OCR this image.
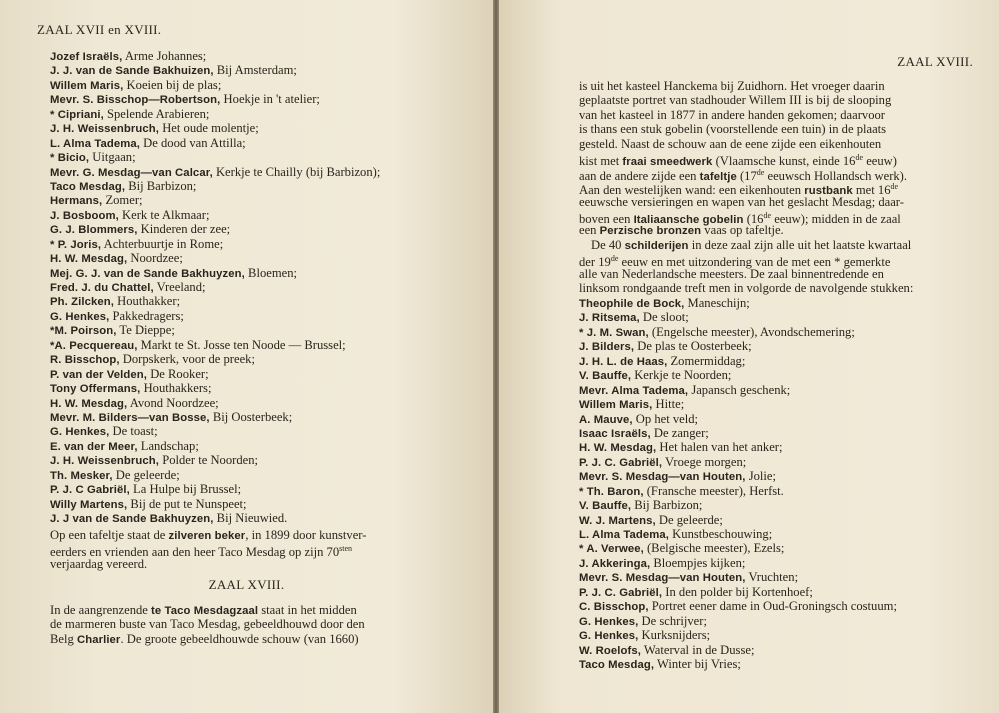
ZAAL XVII en XVIII.
Jozef Israëls, Arme Johannes;
J. J. van de Sande Bakhuizen, Bij Amsterdam;
Willem Maris, Koeien bij de plas;
Mevr. S. Bisschop—Robertson, Hoekje in 't atelier;
* Cipriani, Spelende Arabieren;
J. H. Weissenbruch, Het oude molentje;
L. Alma Tadema, De dood van Attilla;
* Bicio, Uitgaan;
Mevr. G. Mesdag—van Calcar, Kerkje te Chailly (bij Barbizon);
Taco Mesdag, Bij Barbizon;
Hermans, Zomer;
J. Bosboom, Kerk te Alkmaar;
G. J. Blommers, Kinderen der zee;
* P. Joris, Achterbuurtje in Rome;
H. W. Mesdag, Noordzee;
Mej. G. J. van de Sande Bakhuyzen, Bloemen;
Fred. J. du Chattel, Vreeland;
Ph. Zilcken, Houthakker;
G. Henkes, Pakkedragers;
*M. Poirson, Te Dieppe;
*A. Pecquereau, Markt te St. Josse ten Noode — Brussel;
R. Bisschop, Dorpskerk, voor de preek;
P. van der Velden, De Rooker;
Tony Offermans, Houthakkers;
H. W. Mesdag, Avond Noordzee;
Mevr. M. Bilders—van Bosse, Bij Oosterbeek;
G. Henkes, De toast;
E. van der Meer, Landschap;
J. H. Weissenbruch, Polder te Noorden;
Th. Mesker, De geleerde;
P. J. C Gabriël, La Hulpe bij Brussel;
Willy Martens, Bij de put te Nunspeet;
J. J van de Sande Bakhuyzen, Bij Nieuwied.
Op een tafeltje staat de zilveren beker, in 1899 door kunstver-
eerders en vrienden aan den heer Taco Mesdag op zijn $70^{sten}$
verjaardag vereerd.
ZAAL XVIII.
In de aangrenzende te Taco Mesdagzaal staat in het midden
de marmeren buste van Taco Mesdag, gebeeldhouwd door den
Belg Charlier. De groote gebeeldhouwde schouw (van 1660)
ZAAL XVIII.
is uit het kasteel Hanckema bij Zuidhorn. Het vroeger daarin
geplaatste portret van stadhouder Willem III is bij de slooping
van het kasteel in 1877 in andere handen gekomen; daarvoor
is thans een stuk gobelin (voorstellende een tuin) in de plaats
gesteld. Naast de schouw aan de eene zijde een eikenhouten
kist met fraai smeedwerk (Vlaamsche kunst, einde 16de eeuw)
aan de andere zijde een tafeltje (17de eeuwsch Hollandsch werk).
Aan den westelijken wand: een eikenhouten rustbank met 16de
eeuwsche versieringen en wapen van het geslacht Mesdag; daar-
boven een Italiaansche gobelin (16de eeuw); midden in de zaal
een Perzische bronzen vaas op tafeltje.
De 40 schilderijen in deze zaal zijn alle uit het laatste kwartaal
der 19de eeuw en met uitzondering van de met een * gemerkte
alle van Nederlandsche meesters. De zaal binnentredende en
linksom rondgaande treft men in volgorde de navolgende stukken:
Theophile de Bock, Maneschijn;
J. Ritsema, De sloot;
* J. M. Swan, (Engelsche meester), Avondschemering;
J. Bilders, De plas te Oosterbeek;
J. H. L. de Haas, Zomermiddag;
V. Bauffe, Kerkje te Noorden;
Mevr. Alma Tadema, Japansch geschenk;
Willem Maris, Hitte;
A. Mauve, Op het veld;
Isaac Israëls, De zanger;
H. W. Mesdag, Het halen van het anker;
P. J. C. Gabriël, Vroege morgen;
Mevr. S. Mesdag—van Houten, Jolie;
* Th. Baron, (Fransche meester), Herfst.
V. Bauffe, Bij Barbizon;
W. J. Martens, De geleerde;
L. Alma Tadema, Kunstbeschouwing;
* A. Verwee, (Belgische meester), Ezels;
J. Akkeringa, Bloempjes kijken;
Mevr. S. Mesdag—van Houten, Vruchten;
P. J. C. Gabriël, In den polder bij Kortenhoef;
C. Bisschop, Portret eener dame in Oud-Groningsch costuum;
G. Henkes, De schrijver;
G. Henkes, Kurksnijders;
W. Roelofs, Waterval in de Dusse;
Taco Mesdag, Winter bij Vries;
